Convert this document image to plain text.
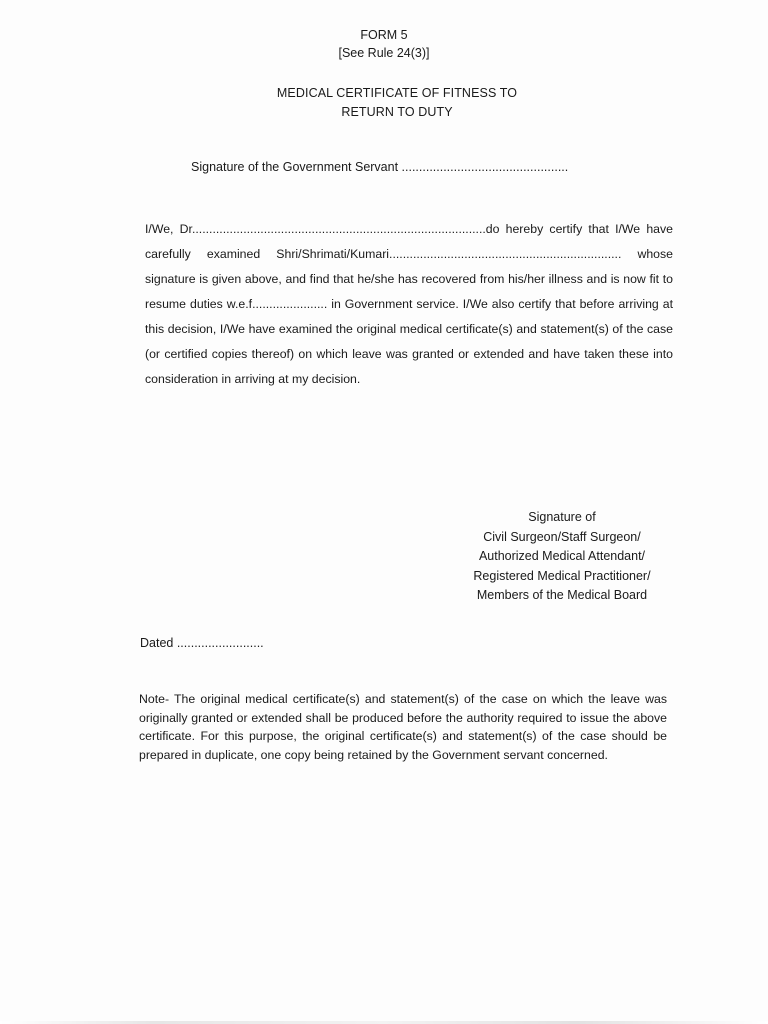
FORM 5
[See Rule 24(3)]
MEDICAL CERTIFICATE OF FITNESS TO
RETURN TO DUTY
Signature of the Government Servant ................................................

I/We, Dr......................................................................................do hereby certify that I/We have carefully examined Shri/Shrimati/Kumari.................................................................... whose signature is given above, and find that he/she has recovered from his/her illness and is now fit to resume duties w.e.f...................... in Government service. I/We also certify that before arriving at this decision, I/We have examined the original medical certificate(s) and statement(s) of the case (or certified copies thereof) on which leave was granted or extended and have taken these into consideration in arriving at my decision.

Signature of
Civil Surgeon/Staff Surgeon/
Authorized Medical Attendant/
Registered Medical Practitioner/
Members of the Medical Board
Dated .........................

Note- The original medical certificate(s) and statement(s) of the case on which the leave was originally granted or extended shall be produced before the authority required to issue the above certificate. For this purpose, the original certificate(s) and statement(s) of the case should be prepared in duplicate, one copy being retained by the Government servant concerned.
